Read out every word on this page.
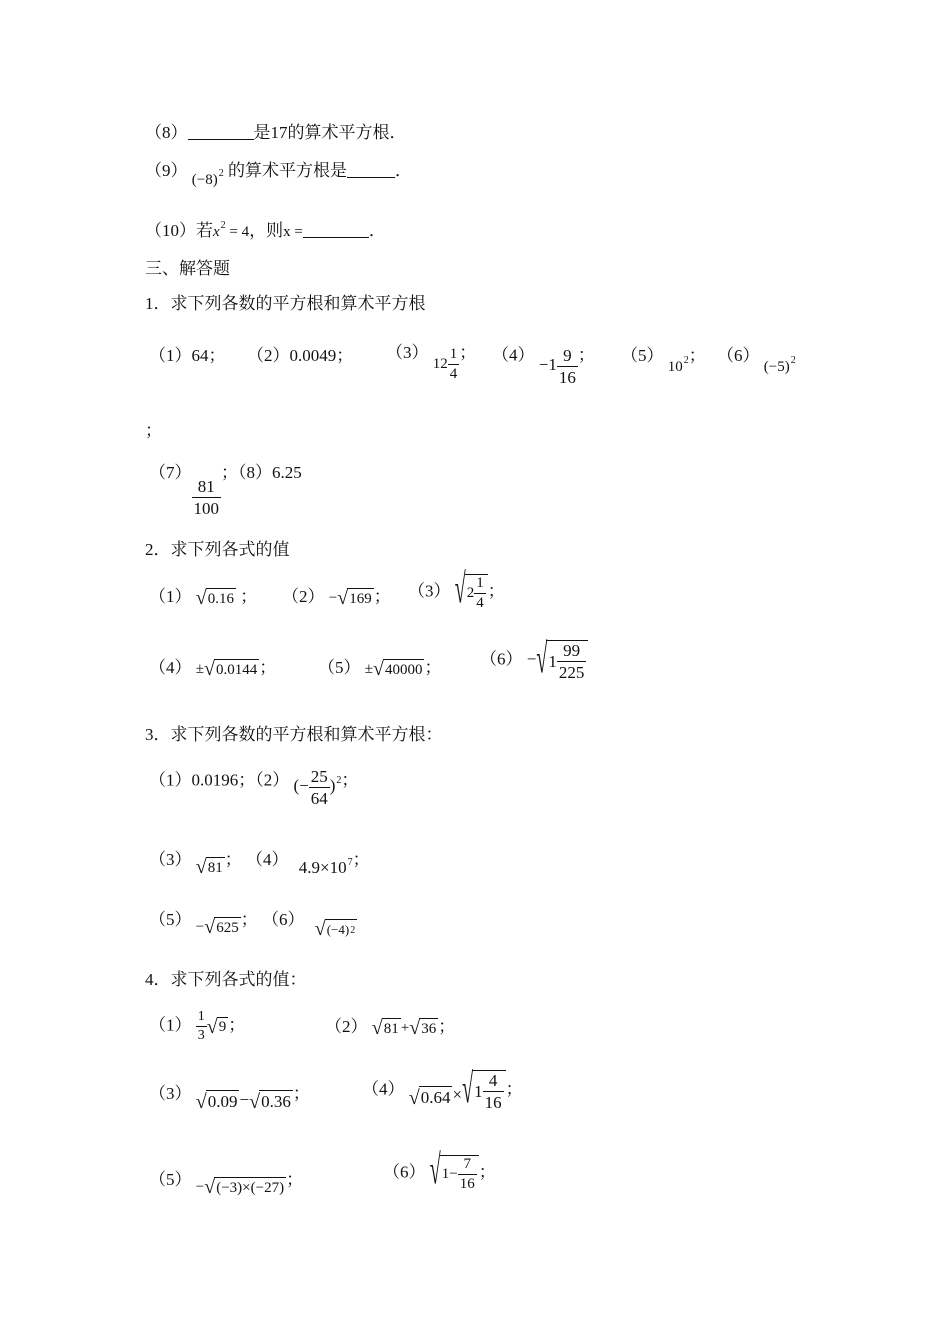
（8）	是17的算术平方根．
（9） $(-8)^2$ 的算术平方根是	．
（10）若$x^2 = 4$，则x =	．
三、解答题
1．求下列各数的平方根和算术平方根
（1）64； （2）0.0049； （3） $12 \frac{1}{4}$ ； $(4) -1 \frac{9}{16}$ ； （5） $10^2$； （6） $(-5)^2$
；
（7）
$\frac{81}{100}$
；（8）6.25
2．求下列各式的值
（1） √ 0.16 ； （2） − √ 169 ； （3） √ $2 \frac{1}{4}$ ；
（4） ± √ 0.0144 ； （5） ± √ 40000 ； （6） − √ $1 \frac{99}{225}$
3．求下列各数的平方根和算术平方根：
（1）0.0196；（2） (− $\frac{25}{64} )^2$；
（3） √ 81 ； （4） $4.9\times 10^7$；
（5） − √ 625 ； （6） √ (−4) 2
4．求下列各式的值：
$(1) \frac{1}{3}$ √ 9 ；	（2） √ 81 + √ 36 ；
（3） √ 0.09 − √ 0.36 ；	（4） √ 0.64 × √ $1 \frac{4}{16}$ ；
（5） − √ (−3)×(−27) ；	（6） √ $1- \frac{7}{16}$ ；
